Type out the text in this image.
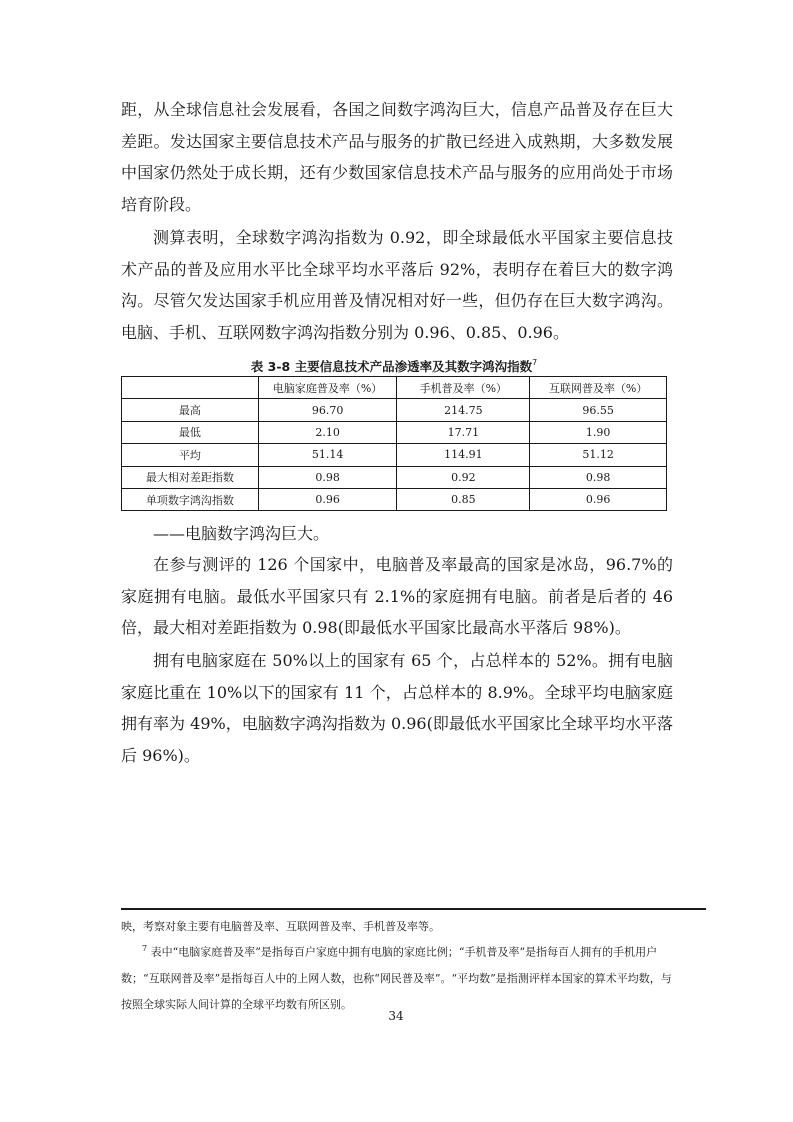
距，从全球信息社会发展看，各国之间数字鸿沟巨大，信息产品普及存在巨大差距。发达国家主要信息技术产品与服务的扩散已经进入成熟期，大多数发展中国家仍然处于成长期，还有少数国家信息技术产品与服务的应用尚处于市场培育阶段。

测算表明，全球数字鸿沟指数为 0.92，即全球最低水平国家主要信息技术产品的普及应用水平比全球平均水平落后 92%，表明存在着巨大的数字鸿沟。尽管欠发达国家手机应用普及情况相对好一些，但仍存在巨大数字鸿沟。电脑、手机、互联网数字鸿沟指数分别为 0.96、0.85、0.96。

表 3-8 主要信息技术产品渗透率及其数字鸿沟指数$^7$
	电脑家庭普及率（%）	手机普及率（%）	互联网普及率（%）
最高	96.70	214.75	96.55
最低	2.10	17.71	1.90
平均	51.14	114.91	51.12
最大相对差距指数	0.98	0.92	0.98
单项数字鸿沟指数	0.96	0.85	0.96

——电脑数字鸿沟巨大。

在参与测评的 126 个国家中，电脑普及率最高的国家是冰岛，96.7%的家庭拥有电脑。最低水平国家只有 2.1%的家庭拥有电脑。前者是后者的 46 倍，最大相对差距指数为 0.98(即最低水平国家比最高水平落后 98%)。

拥有电脑家庭在 50%以上的国家有 65 个，占总样本的 52%。拥有电脑家庭比重在 10%以下的国家有 11 个，占总样本的 8.9%。全球平均电脑家庭拥有率为 49%，电脑数字鸿沟指数为 0.96(即最低水平国家比全球平均水平落后 96%)。

映，考察对象主要有电脑普及率、互联网普及率、手机普及率等。

$^7$ 表中“电脑家庭普及率”是指每百户家庭中拥有电脑的家庭比例；“手机普及率”是指每百人拥有的手机用户数；“互联网普及率”是指每百人中的上网人数，也称“网民普及率”。“平均数”是指测评样本国家的算术平均数，与按照全球实际人间计算的全球平均数有所区别。

34
